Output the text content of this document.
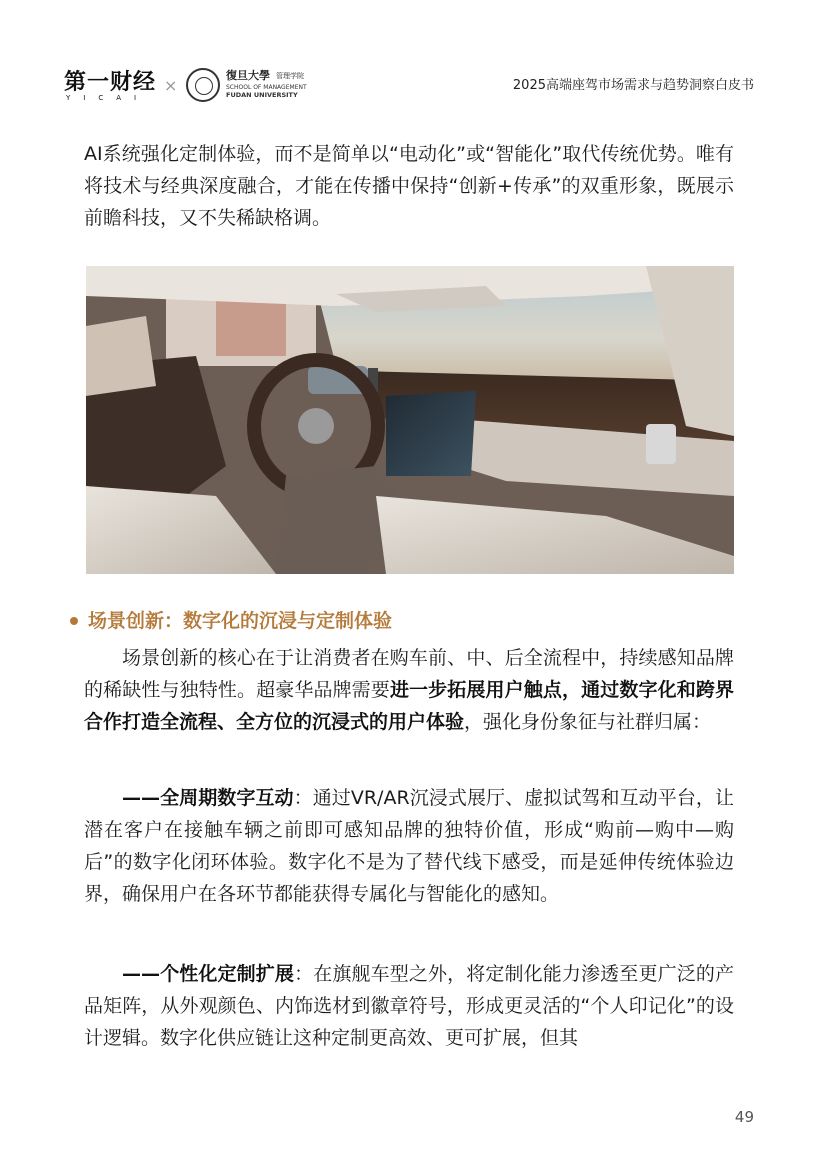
第一财经
YICAI
×
復旦大學 管理学院
SCHOOL OF MANAGEMENT
FUDAN UNIVERSITY
2025高端座驾市场需求与趋势洞察白皮书

AI系统强化定制体验，而不是简单以“电动化”或“智能化”取代传统优势。唯有将技术与经典深度融合，才能在传播中保持“创新+传承”的双重形象，既展示前瞻科技，又不失稀缺格调。

场景创新：数字化的沉浸与定制体验

场景创新的核心在于让消费者在购车前、中、后全流程中，持续感知品牌的稀缺性与独特性。超豪华品牌需要进一步拓展用户触点，通过数字化和跨界合作打造全流程、全方位的沉浸式的用户体验，强化身份象征与社群归属：

——全周期数字互动：通过VR/AR沉浸式展厅、虚拟试驾和互动平台，让潜在客户在接触车辆之前即可感知品牌的独特价值，形成“购前—购中—购后”的数字化闭环体验。数字化不是为了替代线下感受，而是延伸传统体验边界，确保用户在各环节都能获得专属化与智能化的感知。

——个性化定制扩展：在旗舰车型之外，将定制化能力渗透至更广泛的产品矩阵，从外观颜色、内饰选材到徽章符号，形成更灵活的“个人印记化”的设计逻辑。数字化供应链让这种定制更高效、更可扩展，但其

49
